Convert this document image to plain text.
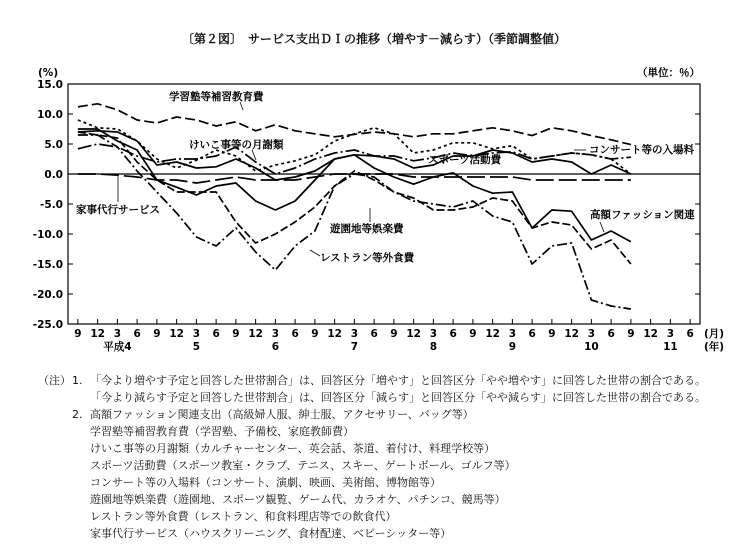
〔第２図〕　サービス支出ＤＩの推移（増やす－減らす）（季節調整値）
15.0
10.0
5.0
0.0
-5.0
-10.0
-15.0
-20.0
-25.0
(%)	（単位：％）
9 12 3 6 9 12 3 6 9 12 3 6 9 12 3 6 9 12 3 6 9 12 3 6 9 12 3 6 9 12 3 6
平成4	5	6	7	8	9	10	11
(月)
(年)
学習塾等補習教育費
けいこ事等の月謝類	コンサート等の入場料
スポーツ活動費
高額ファッション関連
遊園地等娯楽費
レストラン等外食費
家事代行サービス
（注） 1. 「今より増やす予定と回答した世帯割合」は、回答区分「増やす」と回答区分「やや増やす」に回答した世帯の割合である。
「今より減らす予定と回答した世帯割合」は、回答区分「減らす」と回答区分「やや減らす」に回答した世帯の割合である。
2. 高額ファッション関連支出（高級婦人服、紳士服、アクセサリー、バッグ等）
学習塾等補習教育費（学習塾、予備校、家庭教師費）
けいこ事等の月謝類（カルチャーセンター、英会話、茶道、着付け、料理学校等）
スポーツ活動費（スポーツ教室・クラブ、テニス、スキー、ゲートボール、ゴルフ等）
コンサート等の入場料（コンサート、演劇、映画、美術館、博物館等）
遊園地等娯楽費（遊園地、スポーツ観覧、ゲーム代、カラオケ、パチンコ、競馬等）
レストラン等外食費（レストラン、和食料理店等での飲食代）
家事代行サービス（ハウスクリーニング、食材配達、ベビーシッター等）
